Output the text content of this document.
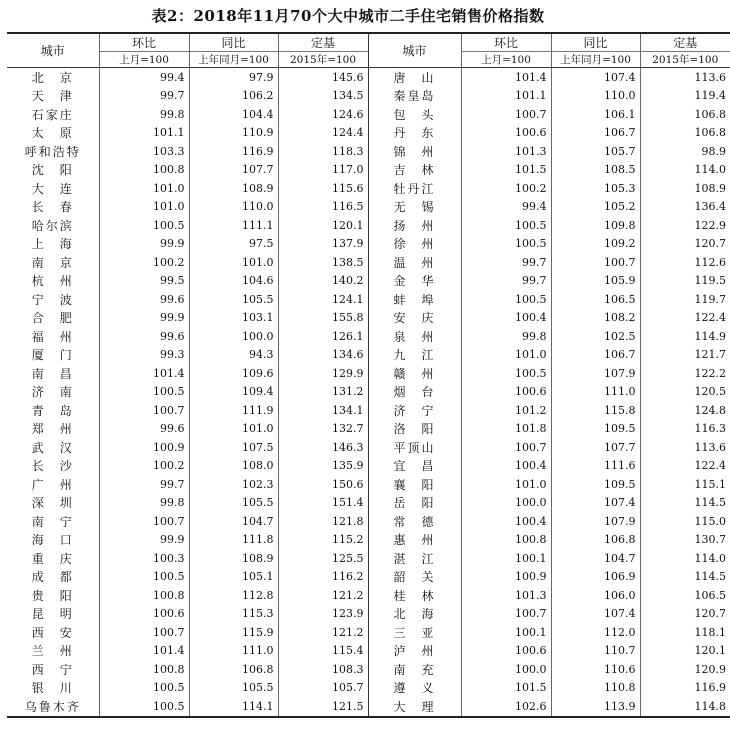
表2：2018年11月70个大中城市二手住宅销售价格指数
城市	环比	同比	定基	城市	环比	同比	定基
	上月=100	上年同月=100	2015年=100		上月=100	上年同月=100	2015年=100
北　京	99.4	97.9	145.6	唐　山	101.4	107.4	113.6
天　津	99.7	106.2	134.5	秦皇岛	101.1	110.0	119.4
石家庄	99.8	104.4	124.6	包　头	100.7	106.1	106.8
太　原	101.1	110.9	124.4	丹　东	100.6	106.7	106.8
呼和浩特	103.3	116.9	118.3	锦　州	101.3	105.7	98.9
沈　阳	100.8	107.7	117.0	吉　林	101.5	108.5	114.0
大　连	101.0	108.9	115.6	牡丹江	100.2	105.3	108.9
长　春	101.0	110.0	116.5	无　锡	99.4	105.2	136.4
哈尔滨	100.5	111.1	120.1	扬　州	100.5	109.8	122.9
上　海	99.9	97.5	137.9	徐　州	100.5	109.2	120.7
南　京	100.2	101.0	138.5	温　州	99.7	100.7	112.6
杭　州	99.5	104.6	140.2	金　华	99.7	105.9	119.5
宁　波	99.6	105.5	124.1	蚌　埠	100.5	106.5	119.7
合　肥	99.9	103.1	155.8	安　庆	100.4	108.2	122.4
福　州	99.6	100.0	126.1	泉　州	99.8	102.5	114.9
厦　门	99.3	94.3	134.6	九　江	101.0	106.7	121.7
南　昌	101.4	109.6	129.9	赣　州	100.5	107.9	122.2
济　南	100.5	109.4	131.2	烟　台	100.6	111.0	120.5
青　岛	100.7	111.9	134.1	济　宁	101.2	115.8	124.8
郑　州	99.6	101.0	132.7	洛　阳	101.8	109.5	116.3
武　汉	100.9	107.5	146.3	平顶山	100.7	107.7	113.6
长　沙	100.2	108.0	135.9	宜　昌	100.4	111.6	122.4
广　州	99.7	102.3	150.6	襄　阳	101.0	109.5	115.1
深　圳	99.8	105.5	151.4	岳　阳	100.0	107.4	114.5
南　宁	100.7	104.7	121.8	常　德	100.4	107.9	115.0
海　口	99.9	111.8	115.2	惠　州	100.8	106.8	130.7
重　庆	100.3	108.9	125.5	湛　江	100.1	104.7	114.0
成　都	100.5	105.1	116.2	韶　关	100.9	106.9	114.5
贵　阳	100.8	112.8	121.2	桂　林	101.3	106.0	106.5
昆　明	100.6	115.3	123.9	北　海	100.7	107.4	120.7
西　安	100.7	115.9	121.2	三　亚	100.1	112.0	118.1
兰　州	101.4	111.0	115.4	泸　州	100.6	110.7	120.1
西　宁	100.8	106.8	108.3	南　充	100.0	110.6	120.9
银　川	100.5	105.5	105.7	遵　义	101.5	110.8	116.9
乌鲁木齐	100.5	114.1	121.5	大　理	102.6	113.9	114.8
